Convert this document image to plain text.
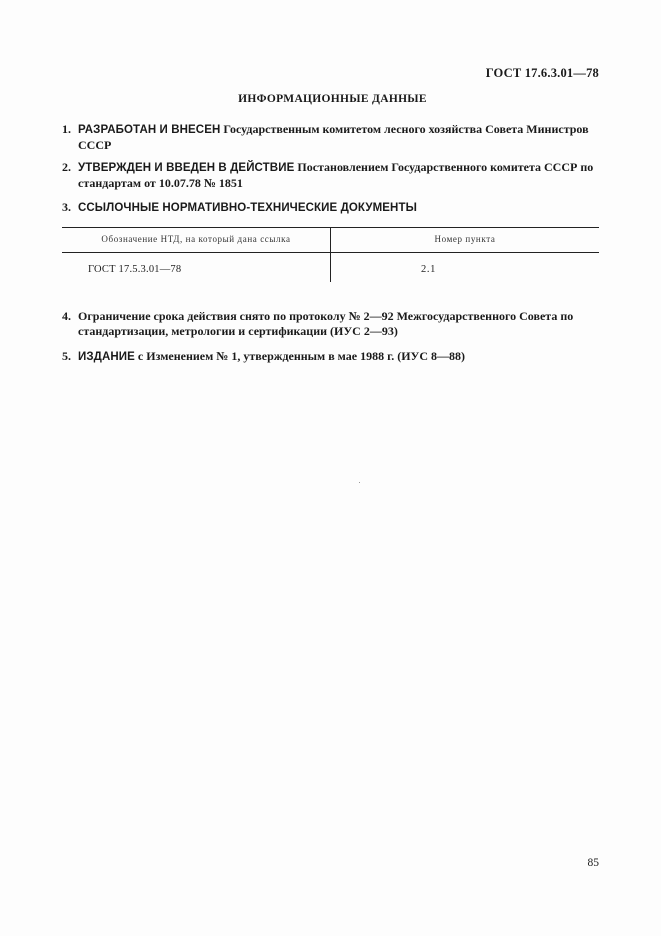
ГОСТ 17.6.3.01—78
ИНФОРМАЦИОННЫЕ ДАННЫЕ
1. РАЗРАБОТАН И ВНЕСЕН Государственным комитетом лесного хозяйства Совета Министров СССР
2. УТВЕРЖДЕН И ВВЕДЕН В ДЕЙСТВИЕ Постановлением Государственного комитета СССР по стандартам от 10.07.78 № 1851
3. ССЫЛОЧНЫЕ НОРМАТИВНО-ТЕХНИЧЕСКИЕ ДОКУМЕНТЫ
Обозначение НТД, на который дана ссылка	Номер пункта
ГОСТ 17.5.3.01—78	2.1
4. Ограничение срока действия снято по протоколу № 2—92 Межгосударственного Совета по стандартизации, метрологии и сертификации (ИУС 2—93)
5. ИЗДАНИЕ с Изменением № 1, утвержденным в мае 1988 г. (ИУС 8—88)
85
